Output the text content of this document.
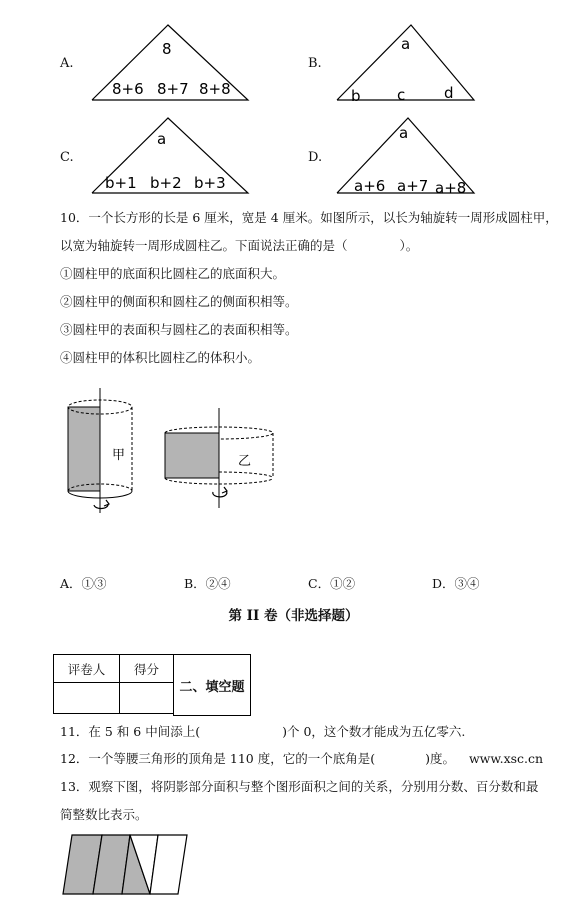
A.
8
8+6 8+7 8+8
B.
a
b c	d
C.
a
b+1 b+2 b+3
D.
a
a+6 a+7 a+8
10．一个长方形的长是 6 厘米，宽是 4 厘米。如图所示，以长为轴旋转一周形成圆柱甲，
以宽为轴旋转一周形成圆柱乙。下面说法正确的是（	）。
①圆柱甲的底面积比圆柱乙的底面积大。
②圆柱甲的侧面积和圆柱乙的侧面积相等。
③圆柱甲的表面积与圆柱乙的表面积相等。
④圆柱甲的体积比圆柱乙的体积小。
甲	乙
A．①③	B．②④	C．①②	D．③④
第 II 卷（非选择题）
评卷人	得分

二、填空题
11．在 5 和 6 中间添上(	)个 0，这个数才能成为五亿零六.
12．一个等腰三角形的顶角是 110 度，它的一个底角是(	)度。 www.xsc.cn
13．观察下图，将阴影部分面积与整个图形面积之间的关系，分别用分数、百分数和最
简整数比表示。
